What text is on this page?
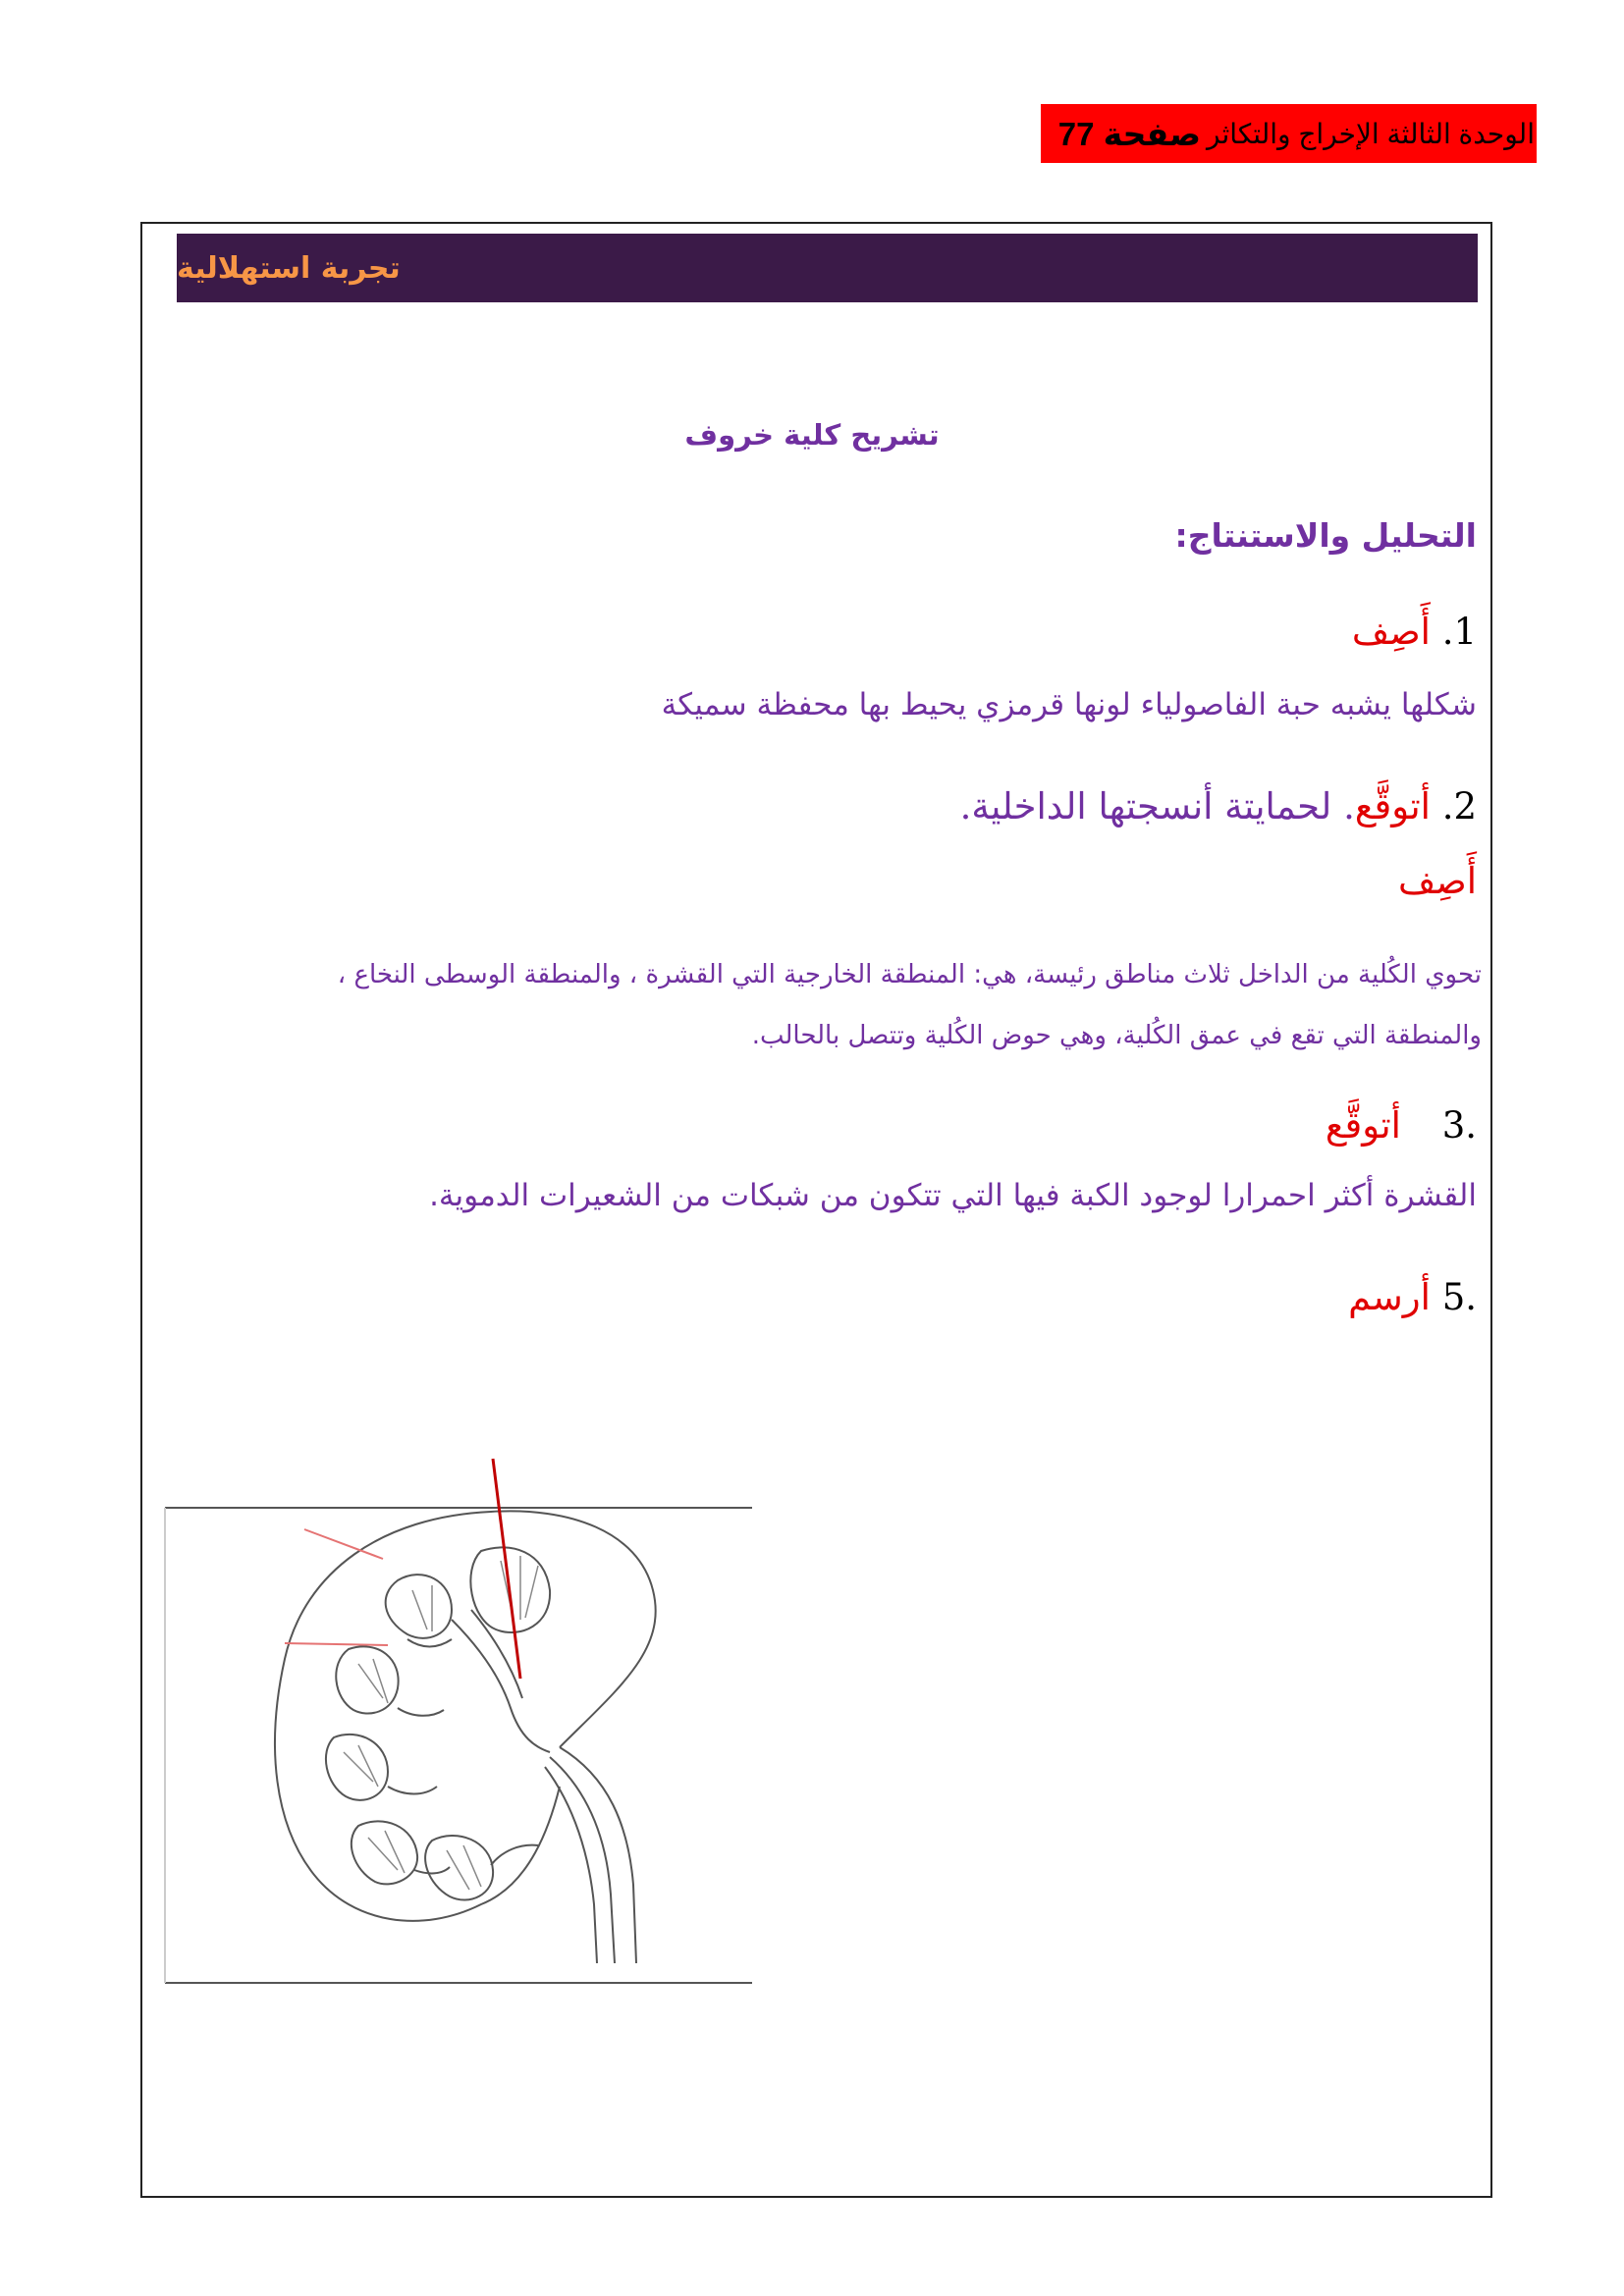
الوحدة الثالثة الإخراج والتكاثر
صفحة 77
تجربة استهلالية
تشريح كلية خروف
التحليل والاستنتاج:
1. أَصِف
شكلها يشبه حبة الفاصولياء لونها قرمزي يحيط بها محفظة سميكة
2. أتوقَّع. لحمايتة أنسجتها الداخلية.
أَصِف
تحوي الكُلية من الداخل ثلاث مناطق رئيسة، هي: المنطقة الخارجية التي القشرة ، والمنطقة الوسطى النخاع ،
والمنطقة التي تقع في عمق الكُلية، وهي حوض الكُلية وتتصل بالحالب.
.3 أتوقَّع
القشرة أكثر احمرارا لوجود الكبة فيها التي تتكون من شبكات من الشعيرات الدموية.
.5 أرسم
